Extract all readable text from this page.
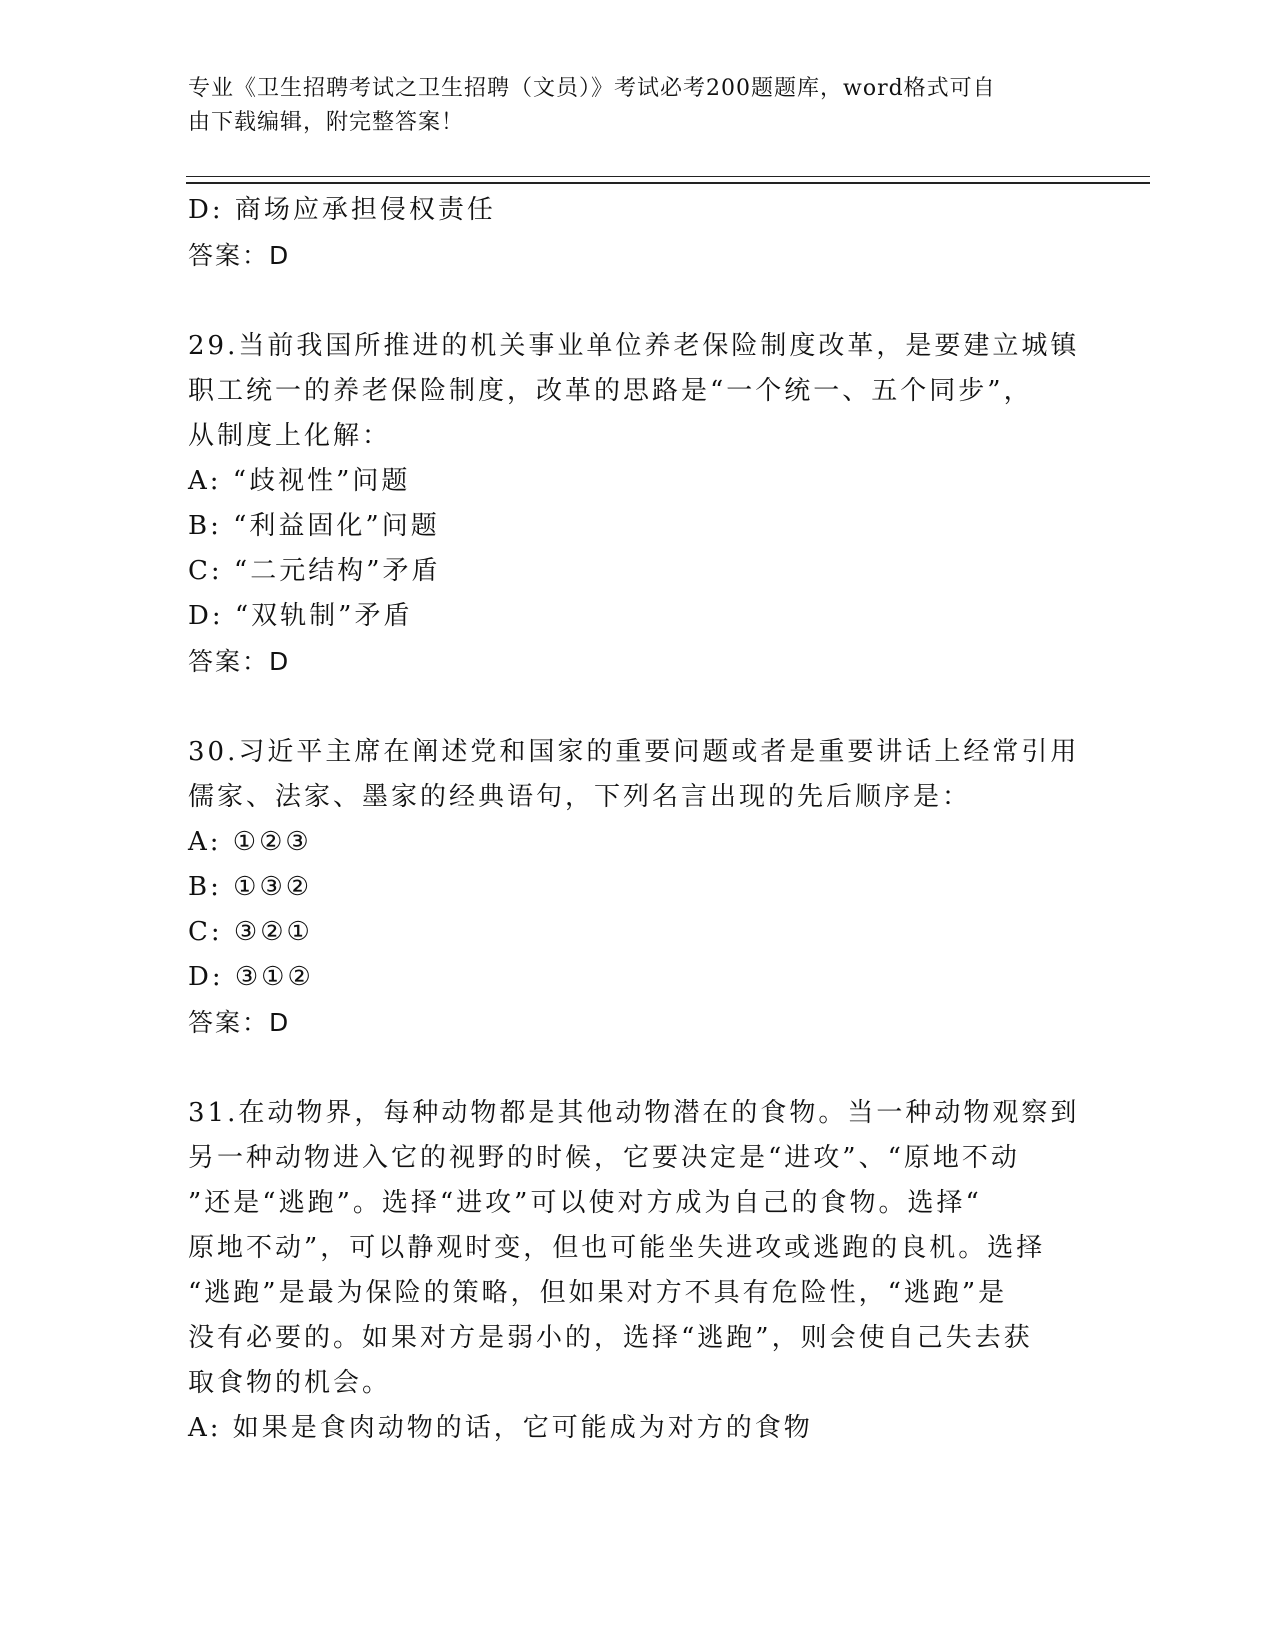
专业《卫生招聘考试之卫生招聘（文员）》考试必考200题题库，word格式可自
由下载编辑，附完整答案！
D: 商场应承担侵权责任
答案：D
29.当前我国所推进的机关事业单位养老保险制度改革，是要建立城镇
职工统一的养老保险制度，改革的思路是“一个统一、五个同步”，
从制度上化解：
A: “歧视性”问题
B: “利益固化”问题
C: “二元结构”矛盾
D: “双轨制”矛盾
答案：D
30.习近平主席在阐述党和国家的重要问题或者是重要讲话上经常引用
儒家、法家、墨家的经典语句，下列名言出现的先后顺序是：
A: ①②③
B: ①③②
C: ③②①
D: ③①②
答案：D
31.在动物界，每种动物都是其他动物潜在的食物。当一种动物观察到
另一种动物进入它的视野的时候，它要决定是“进攻”、“原地不动
”还是“逃跑”。选择“进攻”可以使对方成为自己的食物。选择“
原地不动”，可以静观时变，但也可能坐失进攻或逃跑的良机。选择
“逃跑”是最为保险的策略，但如果对方不具有危险性，“逃跑”是
没有必要的。如果对方是弱小的，选择“逃跑”，则会使自己失去获
取食物的机会。
A: 如果是食肉动物的话，它可能成为对方的食物
